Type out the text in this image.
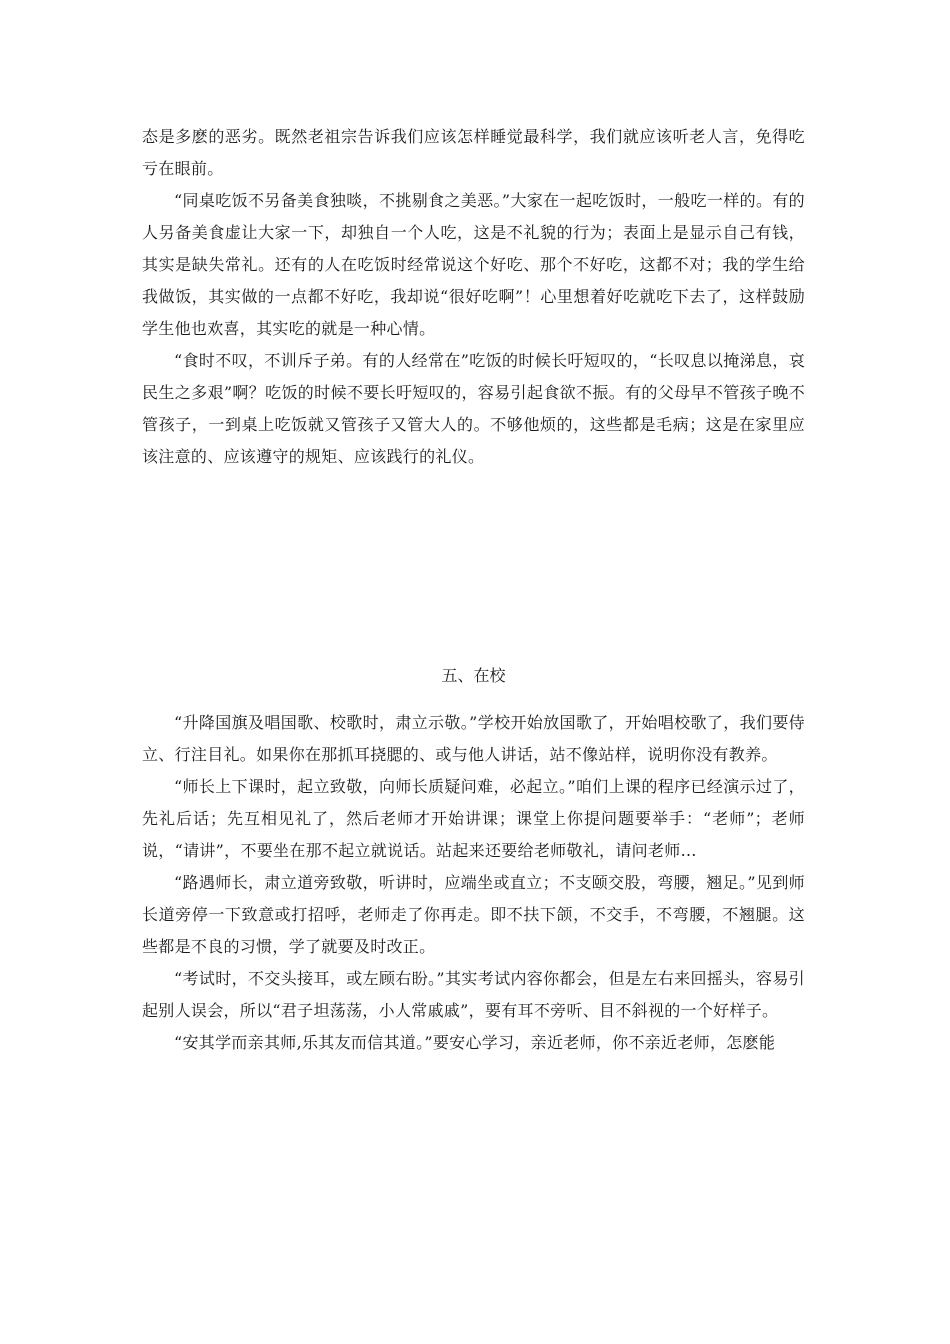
态是多麽的恶劣。既然老祖宗告诉我们应该怎样睡觉最科学，我们就应该听老人言，免得吃亏在眼前。

“同桌吃饭不另备美食独啖，不挑剔食之美恶。”大家在一起吃饭时，一般吃一样的。有的人另备美食虚让大家一下，却独自一个人吃，这是不礼貌的行为；表面上是显示自己有钱，其实是缺失常礼。还有的人在吃饭时经常说这个好吃、那个不好吃，这都不对；我的学生给我做饭，其实做的一点都不好吃，我却说“很好吃啊”！心里想着好吃就吃下去了，这样鼓励学生他也欢喜，其实吃的就是一种心情。

“食时不叹，不训斥子弟。有的人经常在”吃饭的时候长吁短叹的，“长叹息以掩涕息，哀民生之多艰”啊？吃饭的时候不要长吁短叹的，容易引起食欲不振。有的父母早不管孩子晚不管孩子，一到桌上吃饭就又管孩子又管大人的。不够他烦的，这些都是毛病；这是在家里应该注意的、应该遵守的规矩、应该践行的礼仪。

五、在校

“升降国旗及唱国歌、校歌时，肃立示敬。”学校开始放国歌了，开始唱校歌了，我们要侍立、行注目礼。如果你在那抓耳挠腮的、或与他人讲话，站不像站样，说明你没有教养。

“师长上下课时，起立致敬，向师长质疑问难，必起立。”咱们上课的程序已经演示过了，先礼后话；先互相见礼了，然后老师才开始讲课；课堂上你提问题要举手：“老师”；老师说，“请讲”，不要坐在那不起立就说话。站起来还要给老师敬礼，请问老师…

“路遇师长，肃立道旁致敬，听讲时，应端坐或直立；不支颐交股，弯腰，翘足。”见到师长道旁停一下致意或打招呼，老师走了你再走。即不扶下颌，不交手，不弯腰，不翘腿。这些都是不良的习惯，学了就要及时改正。

“考试时，不交头接耳，或左顾右盼。”其实考试内容你都会，但是左右来回摇头，容易引起别人误会，所以“君子坦荡荡，小人常戚戚”，要有耳不旁听、目不斜视的一个好样子。

“安其学而亲其师,乐其友而信其道。”要安心学习，亲近老师，你不亲近老师，怎麽能
